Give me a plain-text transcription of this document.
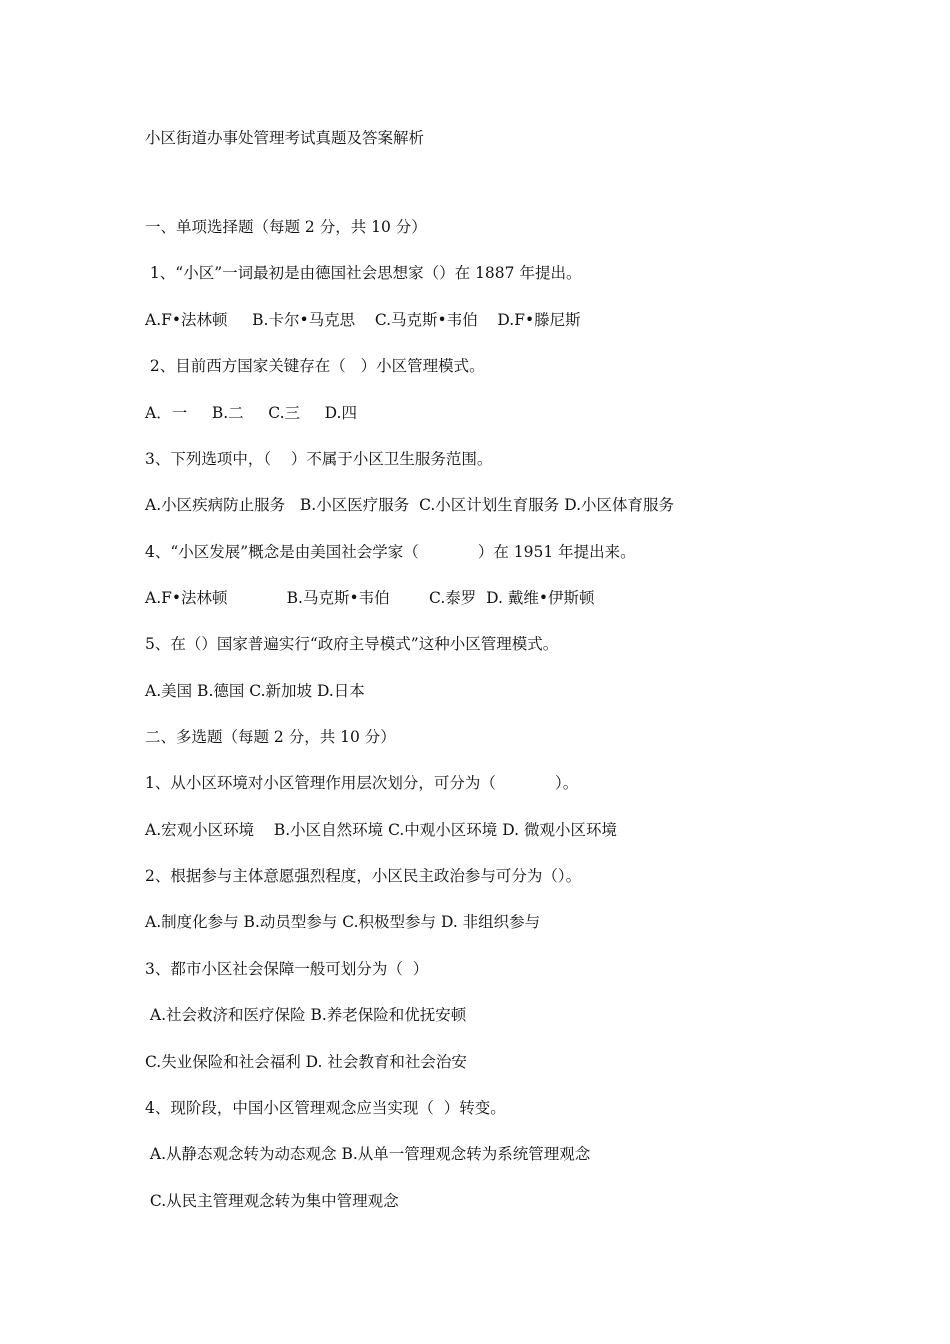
小区街道办事处管理考试真题及答案解析
一、单项选择题（每题 2 分，共 10 分）
1、“小区”一词最初是由德国社会思想家（）在 1887 年提出。
A.F•法林顿     B.卡尔•马克思    C.马克斯•韦伯    D.F•滕尼斯
2、目前西方国家关键存在（   ）小区管理模式。
A．一     B.二     C.三     D.四
3、下列选项中，（    ）不属于小区卫生服务范围。
A.小区疾病防止服务   B.小区医疗服务  C.小区计划生育服务 D.小区体育服务
4、“小区发展”概念是由美国社会学家（            ）在 1951 年提出来。
A.F•法林顿            B.马克斯•韦伯        C.泰罗  D. 戴维•伊斯顿
5、在（）国家普遍实行“政府主导模式”这种小区管理模式。
A.美国 B.德国 C.新加坡 D.日本
二、多选题（每题 2 分，共 10 分）
1、从小区环境对小区管理作用层次划分，可分为（            ）。
A.宏观小区环境    B.小区自然环境 C.中观小区环境 D. 微观小区环境
2、根据参与主体意愿强烈程度，小区民主政治参与可分为（）。
A.制度化参与 B.动员型参与 C.积极型参与 D. 非组织参与
3、都市小区社会保障一般可划分为（  ）
A.社会救济和医疗保险 B.养老保险和优抚安顿
C.失业保险和社会福利 D. 社会教育和社会治安
4、现阶段，中国小区管理观念应当实现（  ）转变。
A.从静态观念转为动态观念 B.从单一管理观念转为系统管理观念
C.从民主管理观念转为集中管理观念
